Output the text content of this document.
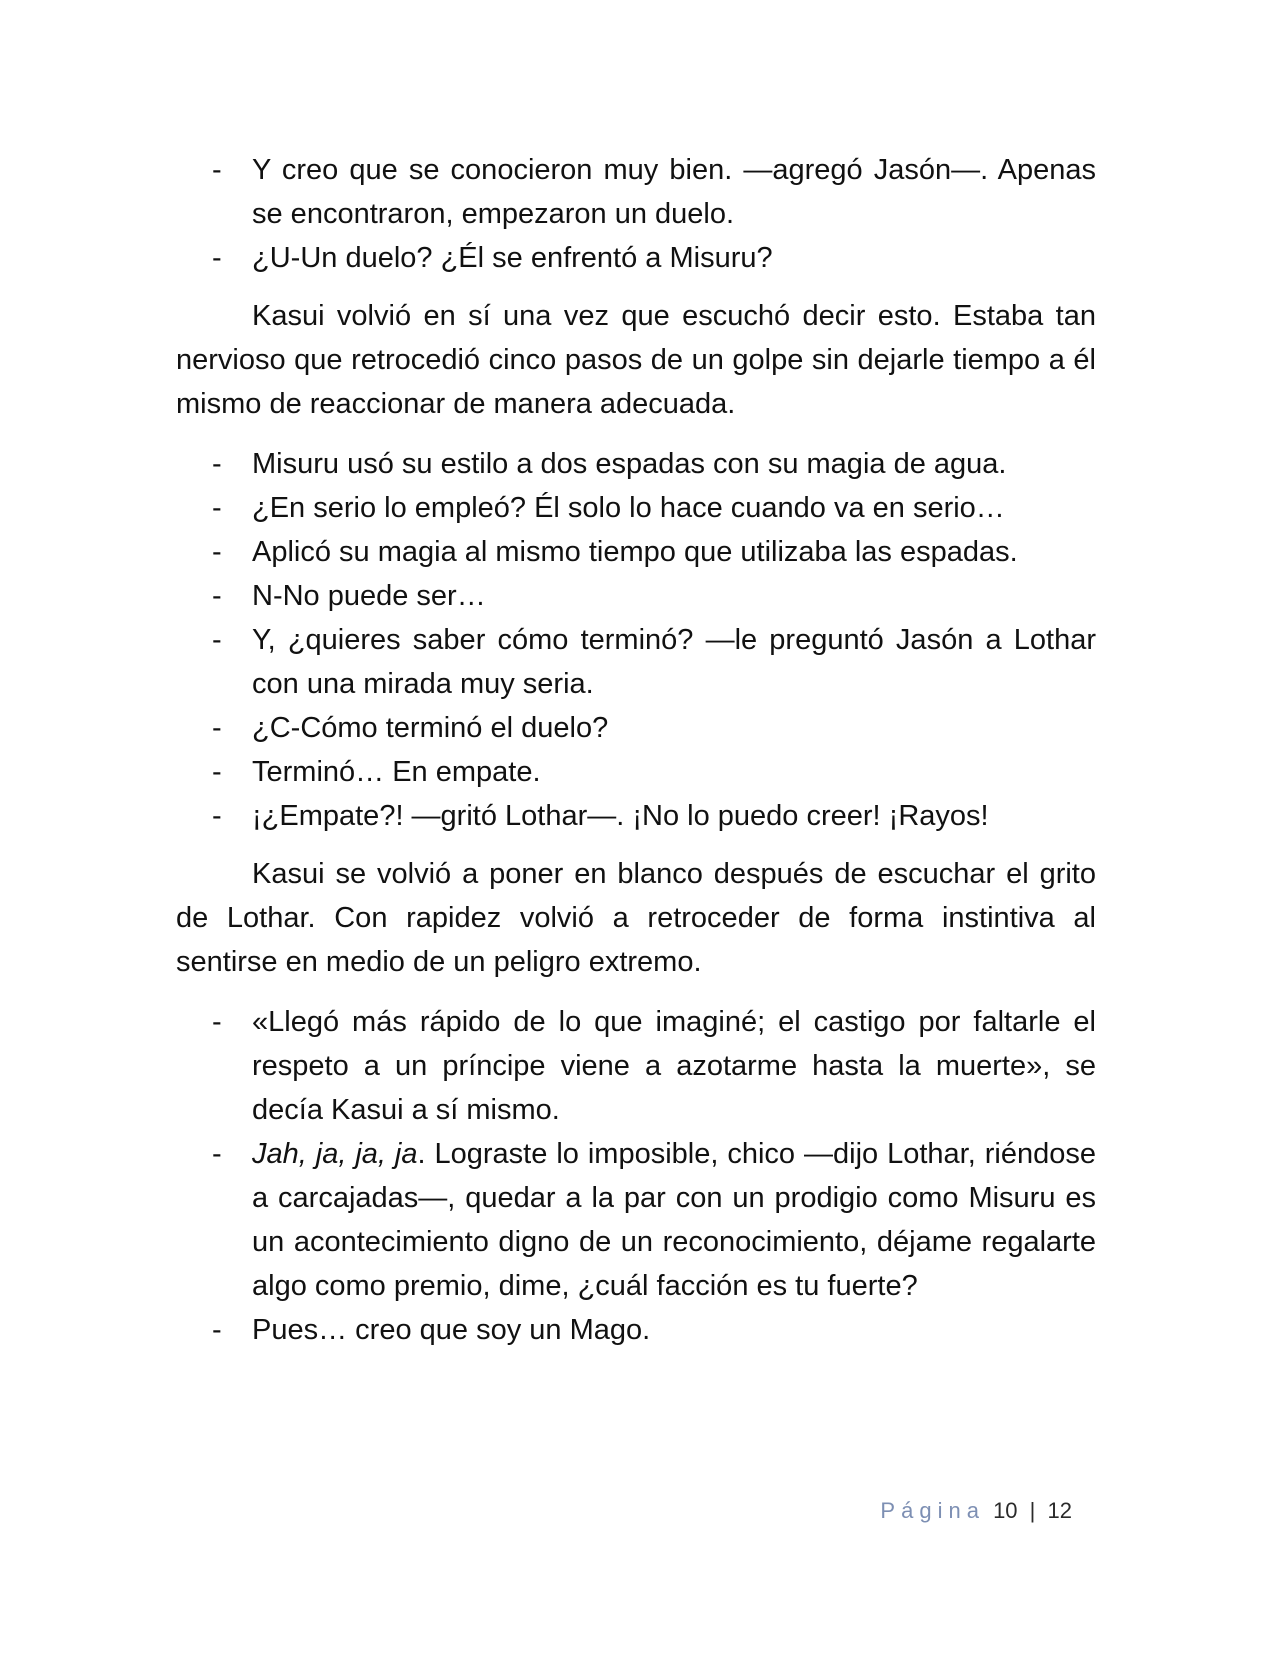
- Y creo que se conocieron muy bien. —agregó Jasón—. Apenas se encontraron, empezaron un duelo.
- ¿U-Un duelo? ¿Él se enfrentó a Misuru?

Kasui volvió en sí una vez que escuchó decir esto. Estaba tan nervioso que retrocedió cinco pasos de un golpe sin dejarle tiempo a él mismo de reaccionar de manera adecuada.

- Misuru usó su estilo a dos espadas con su magia de agua.
- ¿En serio lo empleó? Él solo lo hace cuando va en serio…
- Aplicó su magia al mismo tiempo que utilizaba las espadas.
- N-No puede ser…
- Y, ¿quieres saber cómo terminó? —le preguntó Jasón a Lothar con una mirada muy seria.
- ¿C-Cómo terminó el duelo?
- Terminó… En empate.
- ¡¿Empate?! —gritó Lothar—. ¡No lo puedo creer! ¡Rayos!

Kasui se volvió a poner en blanco después de escuchar el grito de Lothar. Con rapidez volvió a retroceder de forma instintiva al sentirse en medio de un peligro extremo.

- «Llegó más rápido de lo que imaginé; el castigo por faltarle el respeto a un príncipe viene a azotarme hasta la muerte», se decía Kasui a sí mismo.
- Jah, ja, ja, ja. Lograste lo imposible, chico —dijo Lothar, riéndose a carcajadas—, quedar a la par con un prodigio como Misuru es un acontecimiento digno de un reconocimiento, déjame regalarte algo como premio, dime, ¿cuál facción es tu fuerte?
- Pues… creo que soy un Mago.
Página 10 | 12
